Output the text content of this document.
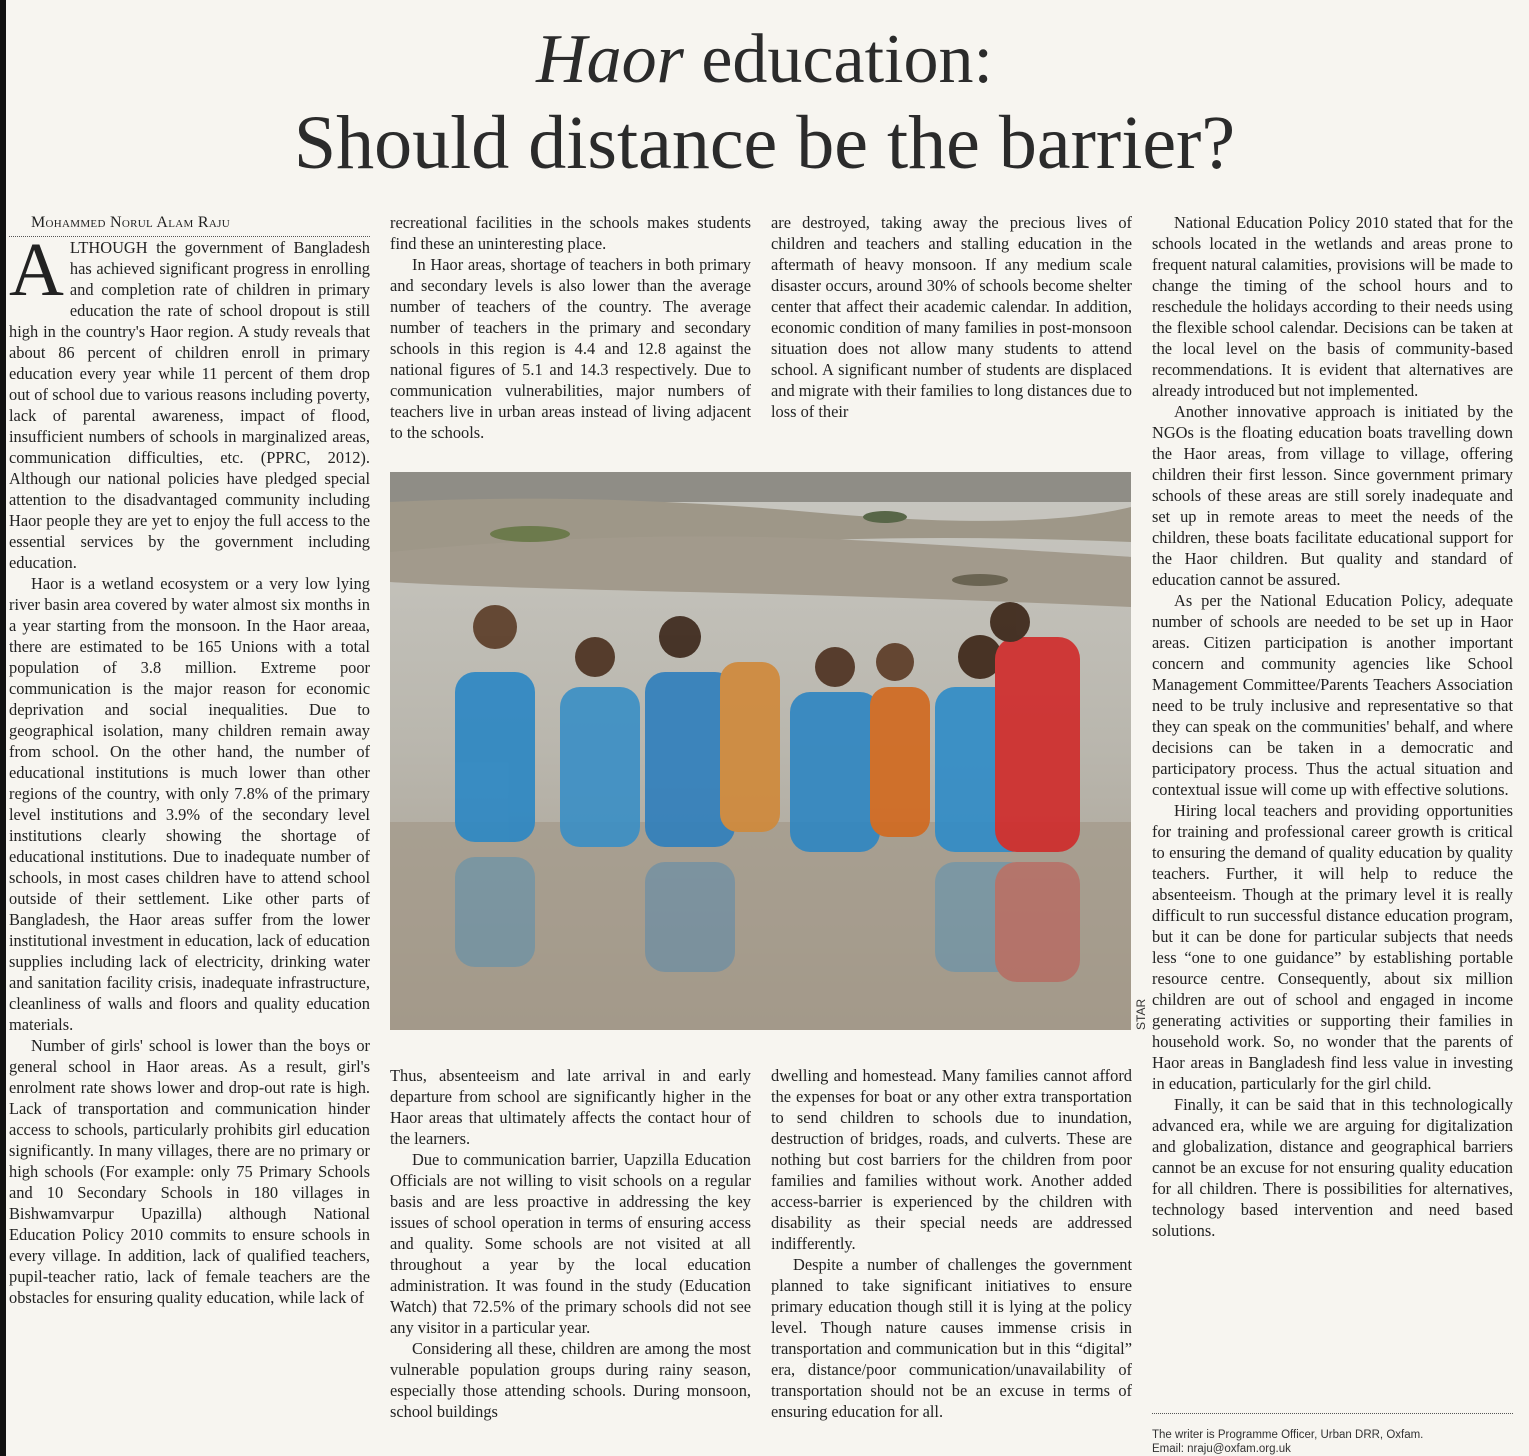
Haor education:
Should distance be the barrier?

Mohammed Norul Alam Raju

ALTHOUGH the government of Bangladesh has achieved significant progress in enrolling and completion rate of children in primary education the rate of school dropout is still high in the country's Haor region. A study reveals that about 86 percent of children enroll in primary education every year while 11 percent of them drop out of school due to various reasons including poverty, lack of parental awareness, impact of flood, insufficient numbers of schools in marginalized areas, communication difficulties, etc. (PPRC, 2012). Although our national policies have pledged special attention to the disadvantaged community including Haor people they are yet to enjoy the full access to the essential services by the government including education.

Haor is a wetland ecosystem or a very low lying river basin area covered by water almost six months in a year starting from the monsoon. In the Haor areaa, there are estimated to be 165 Unions with a total population of 3.8 million. Extreme poor communication is the major reason for economic deprivation and social inequalities. Due to geographical isolation, many children remain away from school. On the other hand, the number of educational institutions is much lower than other regions of the country, with only 7.8% of the primary level institutions and 3.9% of the secondary level institutions clearly showing the shortage of educational institutions. Due to inadequate number of schools, in most cases children have to attend school outside of their settlement. Like other parts of Bangladesh, the Haor areas suffer from the lower institutional investment in education, lack of education supplies including lack of electricity, drinking water and sanitation facility crisis, inadequate infrastructure, cleanliness of walls and floors and quality education materials.

Number of girls' school is lower than the boys or general school in Haor areas. As a result, girl's enrolment rate shows lower and drop-out rate is high. Lack of transportation and communication hinder access to schools, particularly prohibits girl education significantly. In many villages, there are no primary or high schools (For example: only 75 Primary Schools and 10 Secondary Schools in 180 villages in Bishwamvarpur Upazilla) although National Education Policy 2010 commits to ensure schools in every village. In addition, lack of qualified teachers, pupil-teacher ratio, lack of female teachers are the obstacles for ensuring quality education, while lack of

recreational facilities in the schools makes students find these an uninteresting place.

In Haor areas, shortage of teachers in both primary and secondary levels is also lower than the average number of teachers of the country. The average number of teachers in the primary and secondary schools in this region is 4.4 and 12.8 against the national figures of 5.1 and 14.3 respectively. Due to communication vulnerabilities, major numbers of teachers live in urban areas instead of living adjacent to the schools.

are destroyed, taking away the precious lives of children and teachers and stalling education in the aftermath of heavy monsoon. If any medium scale disaster occurs, around 30% of schools become shelter center that affect their academic calendar. In addition, economic condition of many families in post-monsoon situation does not allow many students to attend school. A significant number of students are displaced and migrate with their families to long distances due to loss of their

STAR

Thus, absenteeism and late arrival in and early departure from school are significantly higher in the Haor areas that ultimately affects the contact hour of the learners.

Due to communication barrier, Uapzilla Education Officials are not willing to visit schools on a regular basis and are less proactive in addressing the key issues of school operation in terms of ensuring access and quality. Some schools are not visited at all throughout a year by the local education administration. It was found in the study (Education Watch) that 72.5% of the primary schools did not see any visitor in a particular year.

Considering all these, children are among the most vulnerable population groups during rainy season, especially those attending schools. During monsoon, school buildings

dwelling and homestead. Many families cannot afford the expenses for boat or any other extra transportation to send children to schools due to inundation, destruction of bridges, roads, and culverts. These are nothing but cost barriers for the children from poor families and families without work. Another added access-barrier is experienced by the children with disability as their special needs are addressed indifferently.

Despite a number of challenges the government planned to take significant initiatives to ensure primary education though still it is lying at the policy level. Though nature causes immense crisis in transportation and communication but in this “digital” era, distance/poor communication/unavailability of transportation should not be an excuse in terms of ensuring education for all.

National Education Policy 2010 stated that for the schools located in the wetlands and areas prone to frequent natural calamities, provisions will be made to change the timing of the school hours and to reschedule the holidays according to their needs using the flexible school calendar. Decisions can be taken at the local level on the basis of community-based recommendations. It is evident that alternatives are already introduced but not implemented.

Another innovative approach is initiated by the NGOs is the floating education boats travelling down the Haor areas, from village to village, offering children their first lesson. Since government primary schools of these areas are still sorely inadequate and set up in remote areas to meet the needs of the children, these boats facilitate educational support for the Haor children. But quality and standard of education cannot be assured.

As per the National Education Policy, adequate number of schools are needed to be set up in Haor areas. Citizen participation is another important concern and community agencies like School Management Committee/Parents Teachers Association need to be truly inclusive and representative so that they can speak on the communities' behalf, and where decisions can be taken in a democratic and participatory process. Thus the actual situation and contextual issue will come up with effective solutions.

Hiring local teachers and providing opportunities for training and professional career growth is critical to ensuring the demand of quality education by quality teachers. Further, it will help to reduce the absenteeism. Though at the primary level it is really difficult to run successful distance education program, but it can be done for particular subjects that needs less “one to one guidance” by establishing portable resource centre. Consequently, about six million children are out of school and engaged in income generating activities or supporting their families in household work. So, no wonder that the parents of Haor areas in Bangladesh find less value in investing in education, particularly for the girl child.

Finally, it can be said that in this technologically advanced era, while we are arguing for digitalization and globalization, distance and geographical barriers cannot be an excuse for not ensuring quality education for all children. There is possibilities for alternatives, technology based intervention and need based solutions.

The writer is Programme Officer, Urban DRR, Oxfam.
Email: nraju@oxfam.org.uk
